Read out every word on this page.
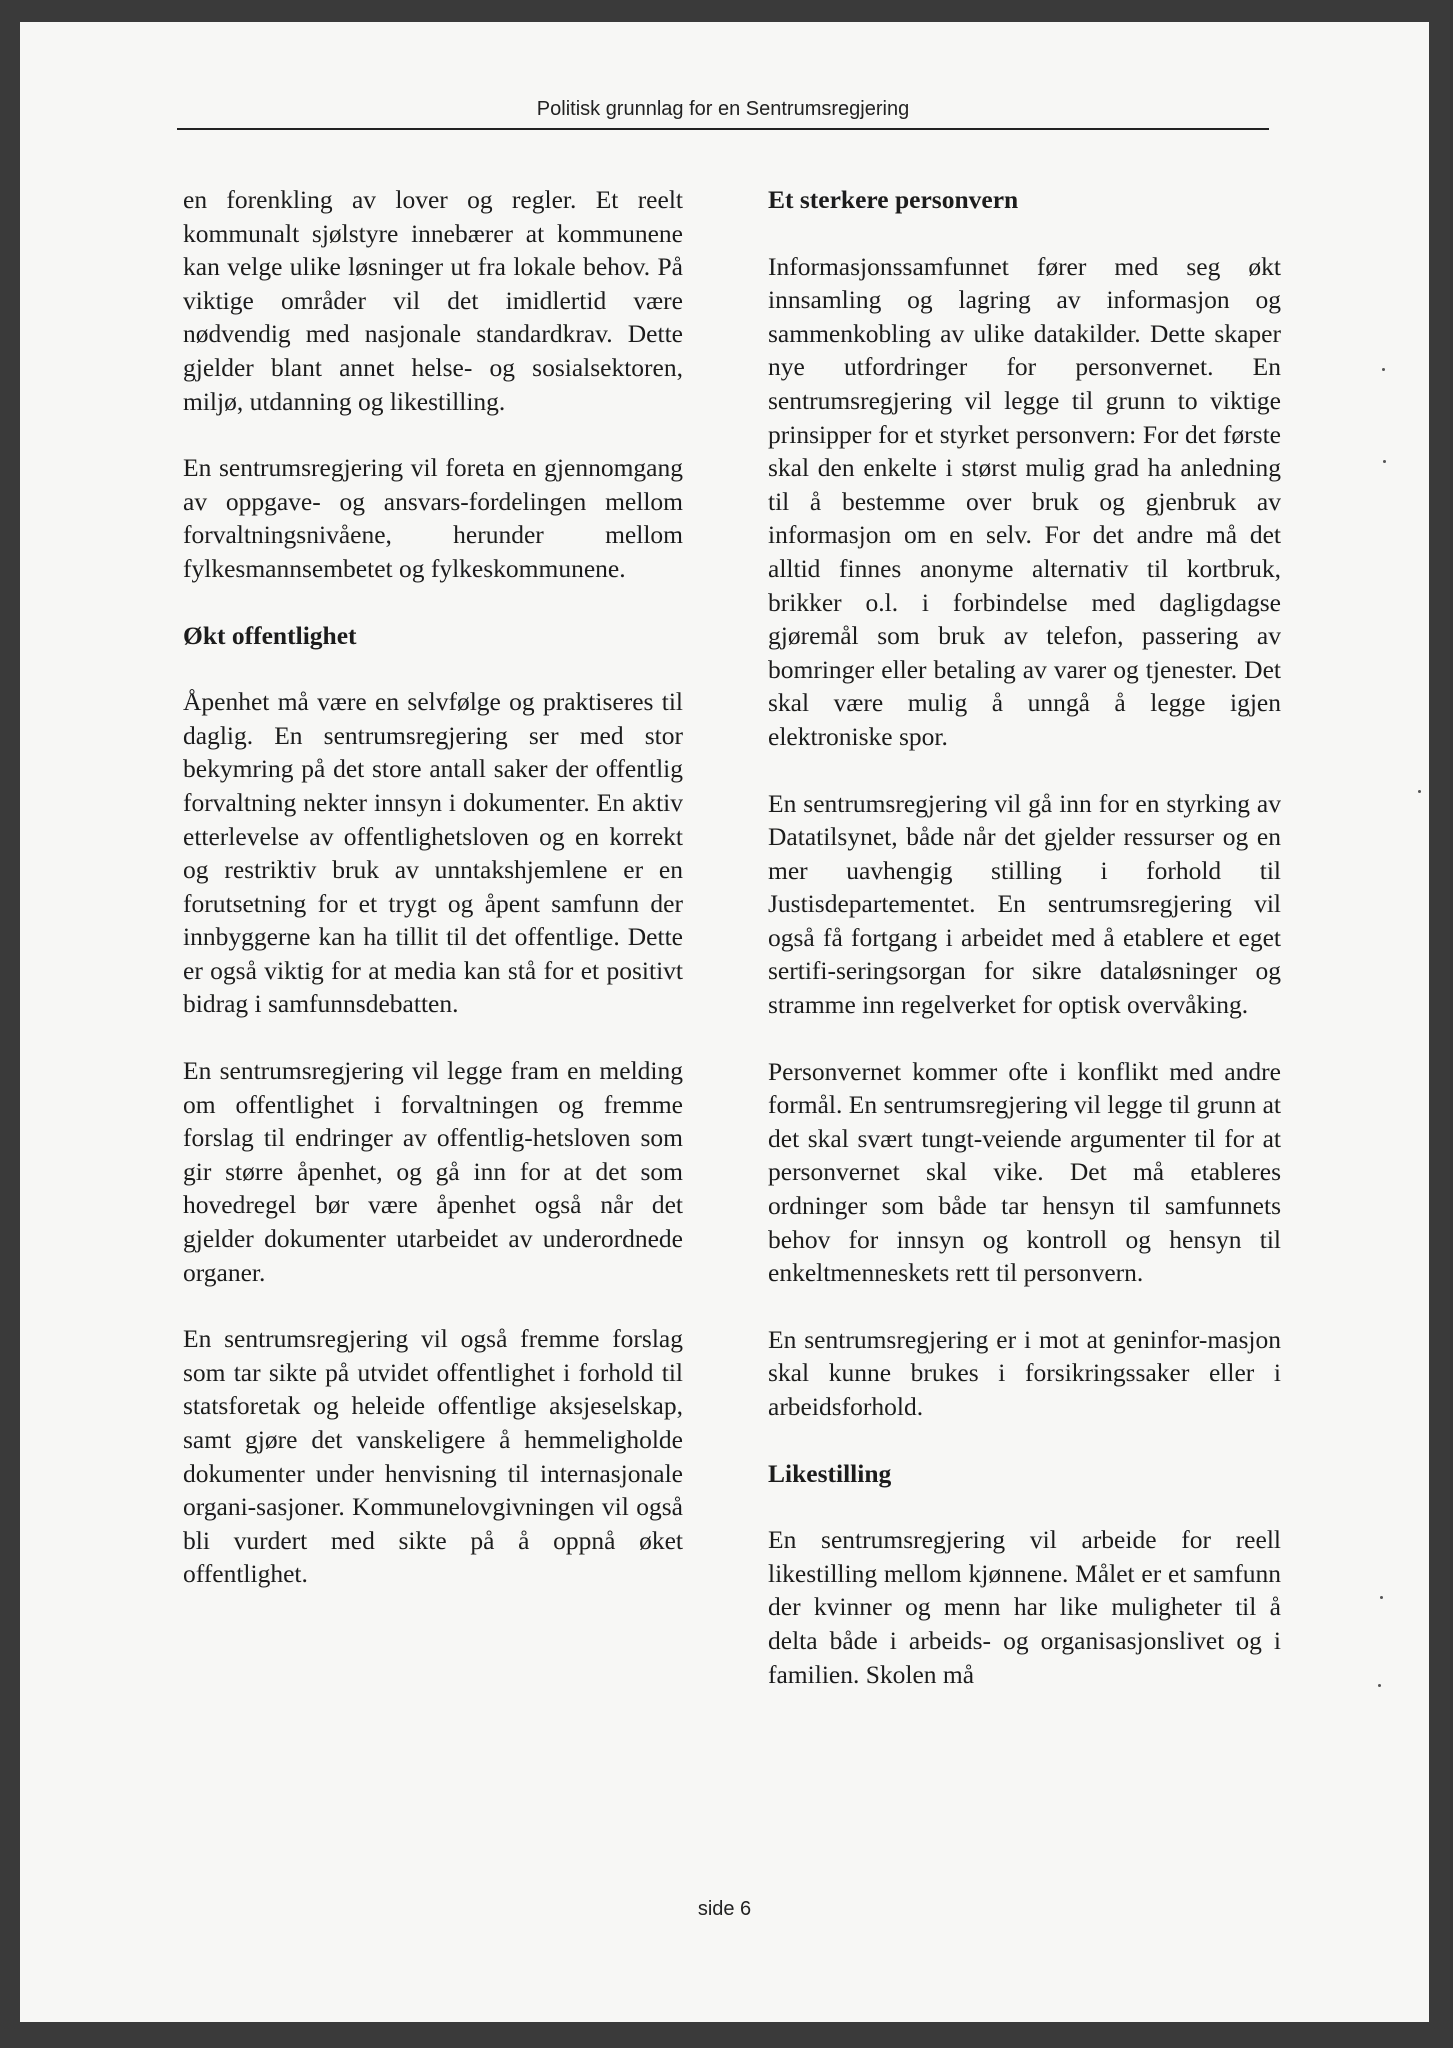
Politisk grunnlag for en Sentrumsregjering

en forenkling av lover og regler. Et reelt kommunalt sjølstyre innebærer at kommunene kan velge ulike løsninger ut fra lokale behov. På viktige områder vil det imidlertid være nødvendig med nasjonale standardkrav. Dette gjelder blant annet helse- og sosialsektoren, miljø, utdanning og likestilling.

En sentrumsregjering vil foreta en gjennomgang av oppgave- og ansvars-fordelingen mellom forvaltningsnivåene, herunder mellom fylkesmannsembetet og fylkeskommunene.

Økt offentlighet

Åpenhet må være en selvfølge og praktiseres til daglig. En sentrumsregjering ser med stor bekymring på det store antall saker der offentlig forvaltning nekter innsyn i dokumenter. En aktiv etterlevelse av offentlighetsloven og en korrekt og restriktiv bruk av unntakshjemlene er en forutsetning for et trygt og åpent samfunn der innbyggerne kan ha tillit til det offentlige. Dette er også viktig for at media kan stå for et positivt bidrag i samfunnsdebatten.

En sentrumsregjering vil legge fram en melding om offentlighet i forvaltningen og fremme forslag til endringer av offentlig-hetsloven som gir større åpenhet, og gå inn for at det som hovedregel bør være åpenhet også når det gjelder dokumenter utarbeidet av underordnede organer.

En sentrumsregjering vil også fremme forslag som tar sikte på utvidet offentlighet i forhold til statsforetak og heleide offentlige aksjeselskap, samt gjøre det vanskeligere å hemmeligholde dokumenter under henvisning til internasjonale organi-sasjoner. Kommunelovgivningen vil også bli vurdert med sikte på å oppnå øket offentlighet.

Et sterkere personvern

Informasjonssamfunnet fører med seg økt innsamling og lagring av informasjon og sammenkobling av ulike datakilder. Dette skaper nye utfordringer for personvernet. En sentrumsregjering vil legge til grunn to viktige prinsipper for et styrket personvern: For det første skal den enkelte i størst mulig grad ha anledning til å bestemme over bruk og gjenbruk av informasjon om en selv. For det andre må det alltid finnes anonyme alternativ til kortbruk, brikker o.l. i forbindelse med dagligdagse gjøremål som bruk av telefon, passering av bomringer eller betaling av varer og tjenester. Det skal være mulig å unngå å legge igjen elektroniske spor.

En sentrumsregjering vil gå inn for en styrking av Datatilsynet, både når det gjelder ressurser og en mer uavhengig stilling i forhold til Justisdepartementet. En sentrumsregjering vil også få fortgang i arbeidet med å etablere et eget sertifi-seringsorgan for sikre dataløsninger og stramme inn regelverket for optisk overvåking.

Personvernet kommer ofte i konflikt med andre formål. En sentrumsregjering vil legge til grunn at det skal svært tungt-veiende argumenter til for at personvernet skal vike. Det må etableres ordninger som både tar hensyn til samfunnets behov for innsyn og kontroll og hensyn til enkeltmenneskets rett til personvern.

En sentrumsregjering er i mot at geninfor-masjon skal kunne brukes i forsikringssaker eller i arbeidsforhold.

Likestilling

En sentrumsregjering vil arbeide for reell likestilling mellom kjønnene. Målet er et samfunn der kvinner og menn har like muligheter til å delta både i arbeids- og organisasjonslivet og i familien. Skolen må

side 6
